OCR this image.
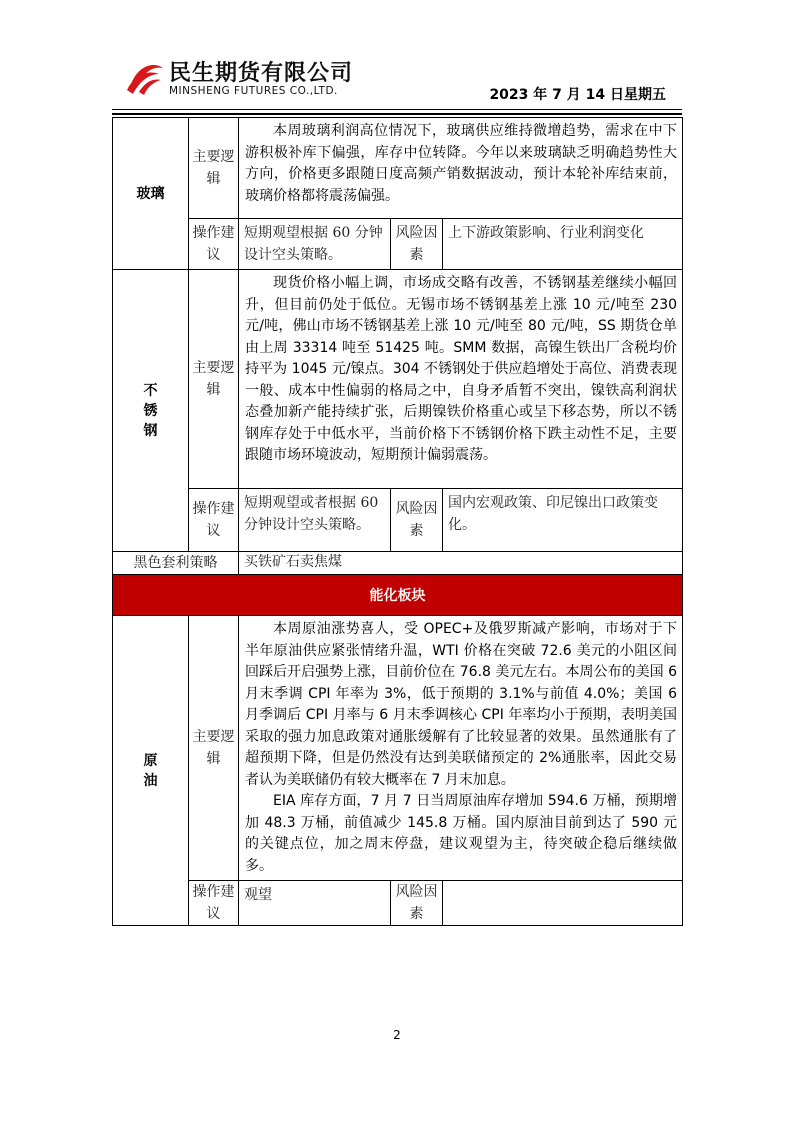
民生期货有限公司
MINSHENG FUTURES CO.,LTD.	2023 年 7 月 14 日星期五
玻璃	主要逻辑	本周玻璃利润高位情况下，玻璃供应维持微增趋势，需求在中下游积极补库下偏强，库存中位转降。今年以来玻璃缺乏明确趋势性大方向，价格更多跟随日度高频产销数据波动，预计本轮补库结束前，玻璃价格都将震荡偏强。		

	操作建议	短期观望根据 60 分钟设计空头策略。	风险因素	上下游政策影响、行业利润变化
不锈钢	主要逻辑	现货价格小幅上调，市场成交略有改善，不锈钢基差继续小幅回升，但目前仍处于低位。无锡市场不锈钢基差上涨 10 元/吨至 230 元/吨，佛山市场不锈钢基差上涨 10 元/吨至 80 元/吨，SS 期货仓单由上周 33314 吨至 51425 吨。SMM 数据，高镍生铁出厂含税均价持平为 1045 元/镍点。304 不锈钢处于供应趋增处于高位、消费表现一般、成本中性偏弱的格局之中，自身矛盾暂不突出，镍铁高利润状态叠加新产能持续扩张，后期镍铁价格重心或呈下移态势，所以不锈钢库存处于中低水平，当前价格下不锈钢价格下跌主动性不足，主要跟随市场环境波动，短期预计偏弱震荡。		

	操作建议	短期观望或者根据 60 分钟设计空头策略。	风险因素	国内宏观政策、印尼镍出口政策变化。
黑色套利策略		买铁矿石卖焦煤		
能化板块				
原油	主要逻辑	本周原油涨势喜人，受 OPEC+及俄罗斯减产影响，市场对于下半年原油供应紧张情绪升温，WTI 价格在突破 72.6 美元的小阻区间回踩后开启强势上涨，目前价位在 76.8 美元左右。本周公布的美国 6 月末季调 CPI 年率为 3%，低于预期的 3.1%与前值 4.0%；美国 6 月季调后 CPI 月率与 6 月末季调核心 CPI 年率均小于预期，表明美国采取的强力加息政策对通胀缓解有了比较显著的效果。虽然通胀有了超预期下降，但是仍然没有达到美联储预定的 2%通胀率，因此交易者认为美联储仍有较大概率在 7 月末加息。

EIA 库存方面，7 月 7 日当周原油库存增加 594.6 万桶，预期增加 48.3 万桶，前值减少 145.8 万桶。国内原油目前到达了 590 元的关键点位，加之周末停盘，建议观望为主，待突破企稳后继续做多。		

	操作建议	观望	风险因素	
2
